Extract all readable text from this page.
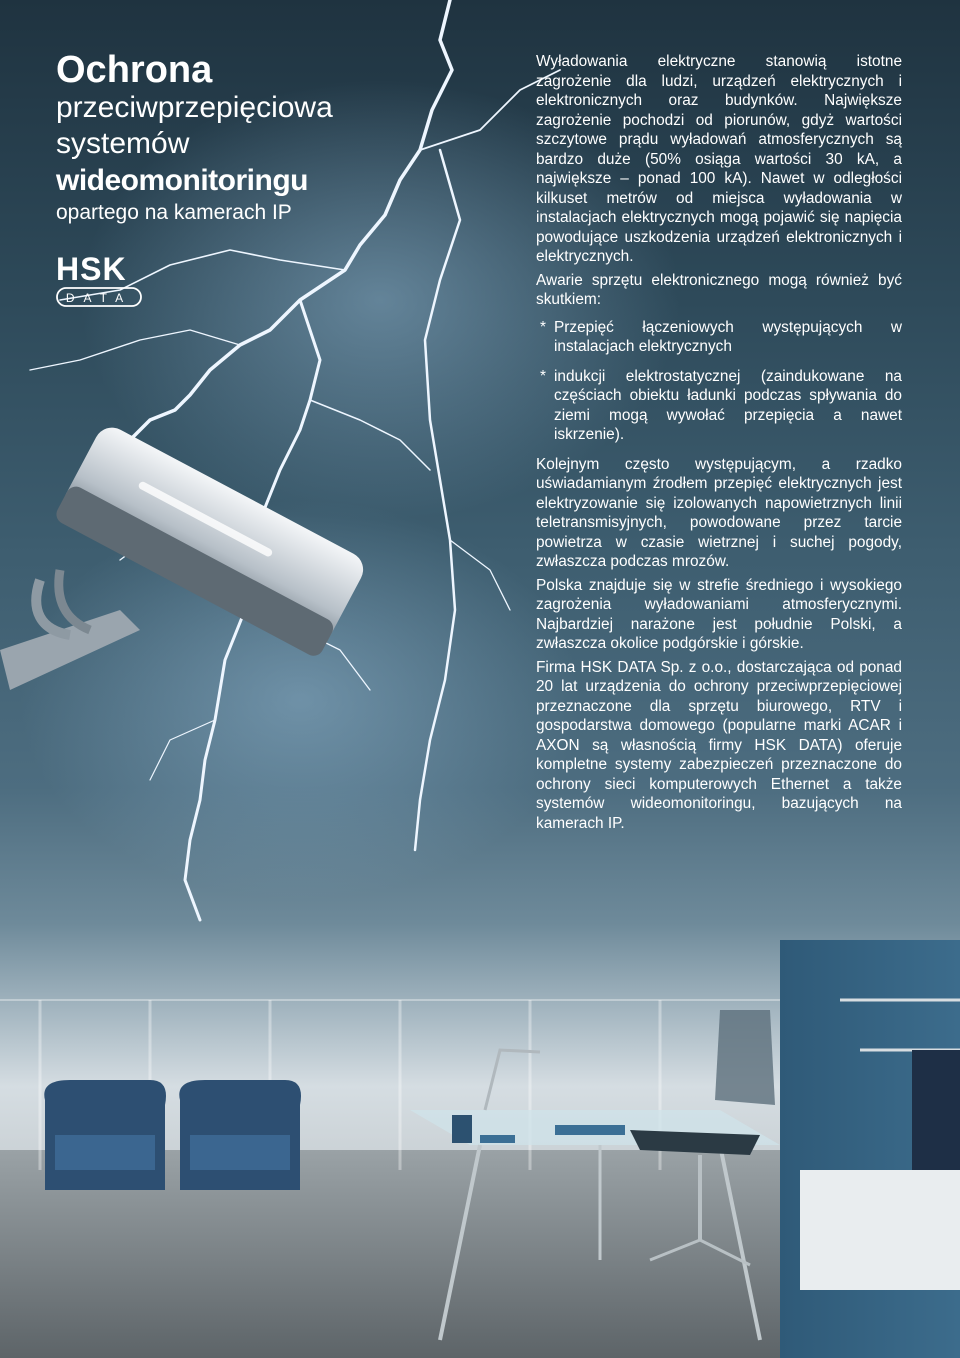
Ochrona
przeciwprzepięciowa
systemów
wideomonitoringu
opartego na kamerach IP
HSK
DATA

Wyładowania elektryczne stanowią istotne zagrożenie dla ludzi, urządzeń elektrycznych i elektronicznych oraz budynków. Największe zagrożenie pochodzi od piorunów, gdyż wartości szczytowe prądu wyładowań atmosferycznych są bardzo duże (50% osiąga wartości 30 kA, a największe – ponad 100 kA). Nawet w odległości kilkuset metrów od miejsca wyładowania w instalacjach elektrycznych mogą pojawić się napięcia powodujące uszkodzenia urządzeń elektronicznych i elektrycznych.

Awarie sprzętu elektronicznego mogą również być skutkiem:

* Przepięć łączeniowych występujących w instalacjach elektrycznych
* indukcji elektrostatycznej (zaindukowane na częściach obiektu ładunki podczas spływania do ziemi mogą wywołać przepięcia a nawet iskrzenie).

Kolejnym często występującym, a rzadko uświadamianym źrodłem przepięć elektrycznych jest elektryzowanie się izolowanych napowietrznych linii teletransmisyjnych, powodowane przez tarcie powietrza w czasie wietrznej i suchej pogody, zwłaszcza podczas mrozów.

Polska znajduje się w strefie średniego i wysokiego zagrożenia wyładowaniami atmosferycznymi. Najbardziej narażone jest południe Polski, a zwłaszcza okolice podgórskie i górskie.

Firma HSK DATA Sp. z o.o., dostarczająca od ponad 20 lat urządzenia do ochrony przeciwprzepięciowej przeznaczone dla sprzętu biurowego, RTV i gospodarstwa domowego (popularne marki ACAR i AXON są własnością firmy HSK DATA) oferuje kompletne systemy zabezpieczeń przeznaczone do ochrony sieci komputerowych Ethernet a także systemów wideomonitoringu, bazujących na kamerach IP.
